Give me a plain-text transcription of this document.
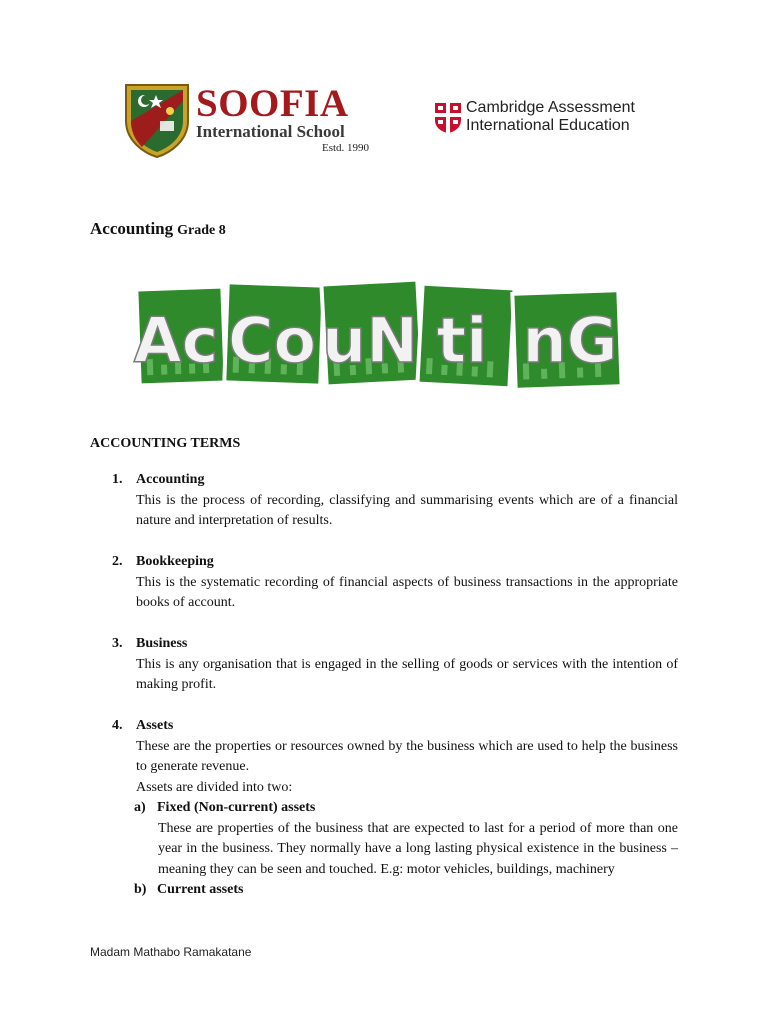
SOOFIA
International School
Estd. 1990
Cambridge Assessment
International Education
Accounting Grade 8
Ac Co uN ti nG
ACCOUNTING TERMS
1. Accounting

This is the process of recording, classifying and summarising events which are of a financial nature and interpretation of results.

2. Bookkeeping

This is the systematic recording of financial aspects of business transactions in the appropriate books of account.

3. Business

This is any organisation that is engaged in the selling of goods or services with the intention of making profit.

4. Assets

These are the properties or resources owned by the business which are used to help the business to generate revenue.

Assets are divided into two:

a) Fixed (Non-current) assets

These are properties of the business that are expected to last for a period of more than one year in the business. They normally have a long lasting physical existence in the business – meaning they can be seen and touched. E.g: motor vehicles, buildings, machinery

b) Current assets
Madam Mathabo Ramakatane
